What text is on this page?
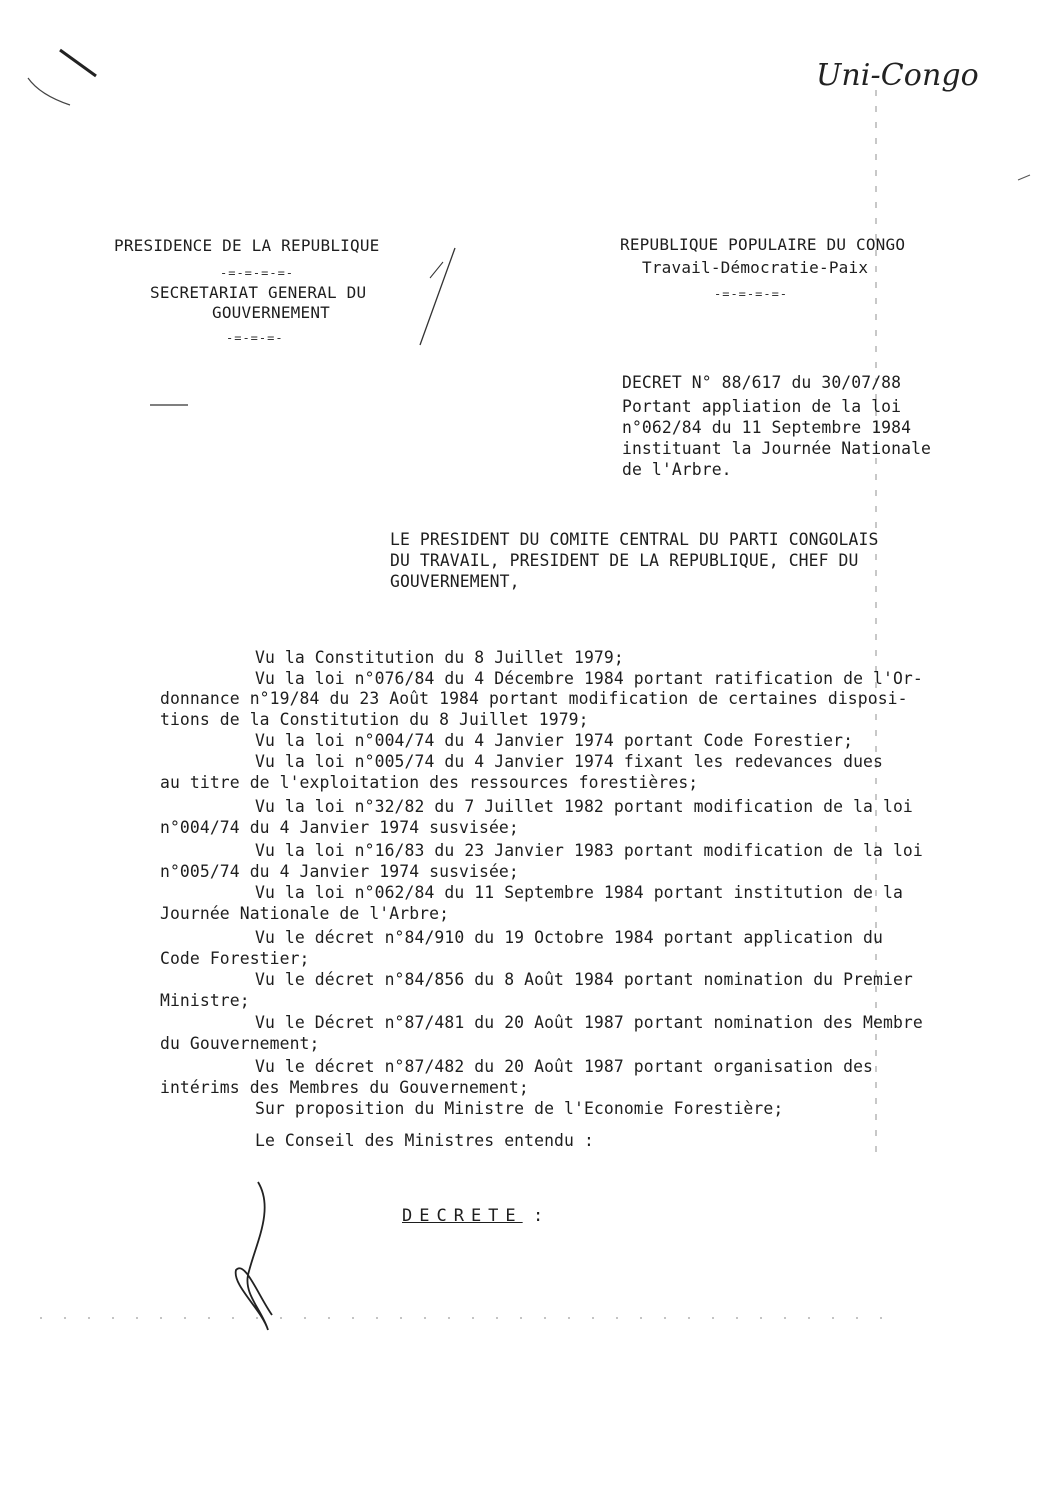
Uni-Congo
PRESIDENCE DE LA REPUBLIQUE
-=-=-=-=-
SECRETARIAT GENERAL DU
GOUVERNEMENT
-=-=-=-
REPUBLIQUE POPULAIRE DU CONGO
Travail-Démocratie-Paix
-=-=-=-=-
DECRET N° 88/617 du 30/07/88
Portant appliation de la loi
n°062/84 du 11 Septembre 1984
instituant la Journée Nationale
de l'Arbre.
LE PRESIDENT DU COMITE CENTRAL DU PARTI CONGOLAIS
DU TRAVAIL, PRESIDENT DE LA REPUBLIQUE, CHEF DU
GOUVERNEMENT,
Vu la Constitution du 8 Juillet 1979;
Vu la loi n°076/84 du 4 Décembre 1984 portant ratification de l'Or-
donnance n°19/84 du 23 Août 1984 portant modification de certaines disposi-
tions de la Constitution du 8 Juillet 1979;
Vu la loi n°004/74 du 4 Janvier 1974 portant Code Forestier;
Vu la loi n°005/74 du 4 Janvier 1974 fixant les redevances dues
au titre de l'exploitation des ressources forestières;
Vu la loi n°32/82 du 7 Juillet 1982 portant modification de la loi
n°004/74 du 4 Janvier 1974 susvisée;
Vu la loi n°16/83 du 23 Janvier 1983 portant modification de la loi
n°005/74 du 4 Janvier 1974 susvisée;
Vu la loi n°062/84 du 11 Septembre 1984 portant institution de la
Journée Nationale de l'Arbre;
Vu le décret n°84/910 du 19 Octobre 1984 portant application du
Code Forestier;
Vu le décret n°84/856 du 8 Août 1984 portant nomination du Premier
Ministre;
Vu le Décret n°87/481 du 20 Août 1987 portant nomination des Membre
du Gouvernement;
Vu le décret n°87/482 du 20 Août 1987 portant organisation des
intérims des Membres du Gouvernement;
Sur proposition du Ministre de l'Economie Forestière;
Le Conseil des Ministres entendu :
DECRETE :
